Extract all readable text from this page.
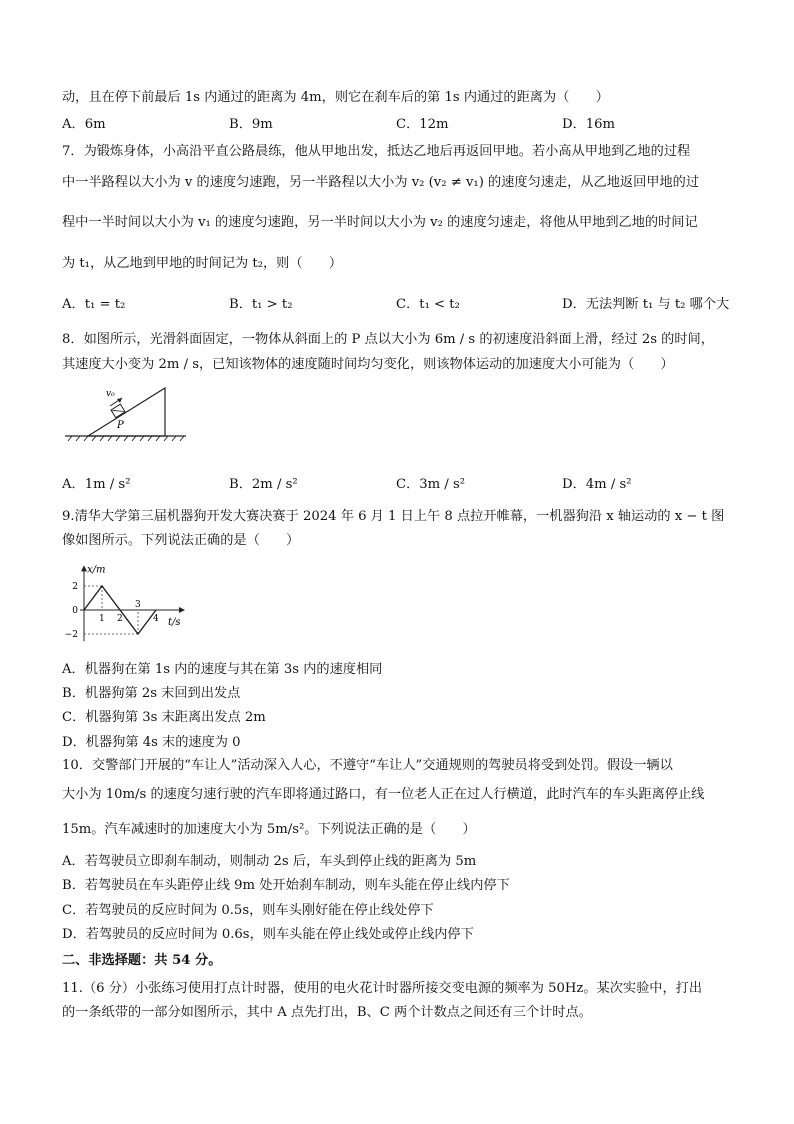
动，且在停下前最后 1s 内通过的距离为 4m，则它在刹车后的第 1s 内通过的距离为（　　）
A．6m	B．9m	C．12m	D．16m
7．为锻炼身体，小高沿平直公路晨练，他从甲地出发，抵达乙地后再返回甲地。若小高从甲地到乙地的过程
中一半路程以大小为 v 的速度匀速跑，另一半路程以大小为 v₂ (v₂ ≠ v₁) 的速度匀速走，从乙地返回甲地的过
程中一半时间以大小为 v₁ 的速度匀速跑，另一半时间以大小为 v₂ 的速度匀速走，将他从甲地到乙地的时间记
为 t₁，从乙地到甲地的时间记为 t₂，则（　　）
A．t₁ = t₂	B．t₁ > t₂	C．t₁ < t₂	D．无法判断 t₁ 与 t₂ 哪个大
8．如图所示，光滑斜面固定，一物体从斜面上的 P 点以大小为 6m / s 的初速度沿斜面上滑，经过 2s 的时间，
其速度大小变为 2m / s，已知该物体的速度随时间均匀变化，则该物体运动的加速度大小可能为（　　）
v₀
P
A．1m / s²	B．2m / s²	C．3m / s²	D．4m / s²
9.清华大学第三届机器狗开发大赛决赛于 2024 年 6 月 1 日上午 8 点拉开帷幕，一机器狗沿 x 轴运动的 x − t 图
像如图所示。下列说法正确的是（　　）
1 2
3
4
2
0
−2
x/m
t/s
A．机器狗在第 1s 内的速度与其在第 3s 内的速度相同
B．机器狗第 2s 末回到出发点
C．机器狗第 3s 末距离出发点 2m
D．机器狗第 4s 末的速度为 0
10．交警部门开展的“车让人”活动深入人心，不遵守“车让人”交通规则的驾驶员将受到处罚。假设一辆以
大小为 10m/s 的速度匀速行驶的汽车即将通过路口，有一位老人正在过人行横道，此时汽车的车头距离停止线
15m。汽车减速时的加速度大小为 5m/s²。下列说法正确的是（　　）
A．若驾驶员立即刹车制动，则制动 2s 后，车头到停止线的距离为 5m
B．若驾驶员在车头距停止线 9m 处开始刹车制动，则车头能在停止线内停下
C．若驾驶员的反应时间为 0.5s，则车头刚好能在停止线处停下
D．若驾驶员的反应时间为 0.6s，则车头能在停止线处或停止线内停下
二、非选择题：共 54 分。
11.（6 分）小张练习使用打点计时器，使用的电火花计时器所接交变电源的频率为 50Hz。某次实验中，打出
的一条纸带的一部分如图所示，其中 A 点先打出，B、C 两个计数点之间还有三个计时点。
